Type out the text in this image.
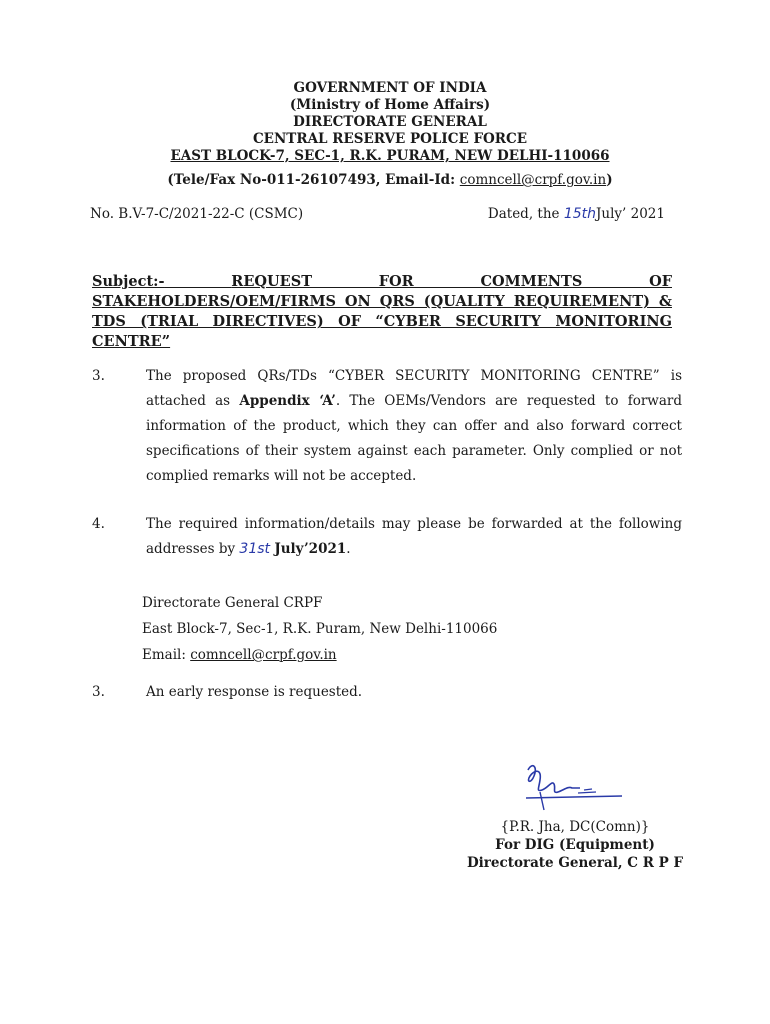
GOVERNMENT OF INDIA
(Ministry of Home Affairs)
DIRECTORATE GENERAL
CENTRAL RESERVE POLICE FORCE
EAST BLOCK-7, SEC-1, R.K. PURAM, NEW DELHI-110066
(Tele/Fax No-011-26107493, Email-Id: comncell@crpf.gov.in)
No. B.V-7-C/2021-22-C (CSMC)	Dated, the 15thJuly’ 2021
Subject:-	REQUEST FOR COMMENTS OF STAKEHOLDERS/OEM/FIRMS ON QRS (QUALITY REQUIREMENT) & TDS (TRIAL DIRECTIVES) OF “CYBER SECURITY MONITORING CENTRE”
3.	The proposed QRs/TDs “CYBER SECURITY MONITORING CENTRE” is attached as Appendix ‘A’. The OEMs/Vendors are requested to forward information of the product, which they can offer and also forward correct specifications of their system against each parameter. Only complied or not complied remarks will not be accepted.
4.	The required information/details may please be forwarded at the following addresses by 31st July’2021.
Directorate General CRPF
East Block-7, Sec-1, R.K. Puram, New Delhi-110066
Email: comncell@crpf.gov.in
3.	An early response is requested.
{P.R. Jha, DC(Comn)}
For DIG (Equipment)
Directorate General, C R P F
